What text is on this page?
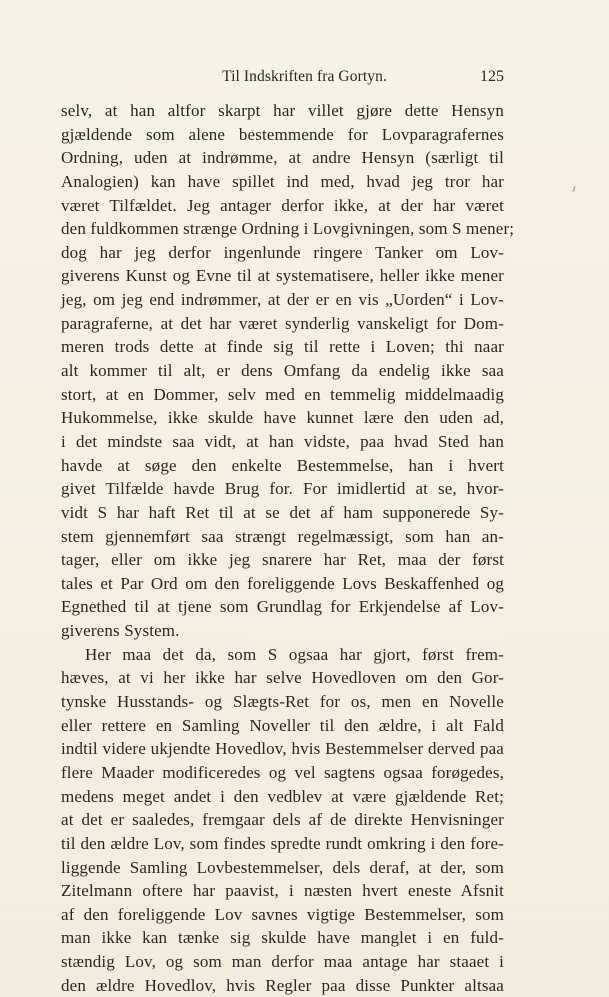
Til Indskriften fra Gortyn.	125
selv, at han altfor skarpt har villet gjøre dette Hensyn
gjældende som alene bestemmende for Lovparagrafernes
Ordning, uden at indrømme, at andre Hensyn (særligt til
Analogien) kan have spillet ind med, hvad jeg tror har
været Tilfældet. Jeg antager derfor ikke, at der har været
den fuldkommen strænge Ordning i Lovgivningen, som S mener;
dog har jeg derfor ingenlunde ringere Tanker om Lov-
giverens Kunst og Evne til at systematisere, heller ikke mener
jeg, om jeg end indrømmer, at der er en vis „Uorden“ i Lov-
paragraferne, at det har været synderlig vanskeligt for Dom-
meren trods dette at finde sig til rette i Loven; thi naar
alt kommer til alt, er dens Omfang da endelig ikke saa
stort, at en Dommer, selv med en temmelig middelmaadig
Hukommelse, ikke skulde have kunnet lære den uden ad,
i det mindste saa vidt, at han vidste, paa hvad Sted han
havde at søge den enkelte Bestemmelse, han i hvert
givet Tilfælde havde Brug for. For imidlertid at se, hvor-
vidt S har haft Ret til at se det af ham supponerede Sy-
stem gjennemført saa strængt regelmæssigt, som han an-
tager, eller om ikke jeg snarere har Ret, maa der først
tales et Par Ord om den foreliggende Lovs Beskaffenhed og
Egnethed til at tjene som Grundlag for Erkjendelse af Lov-
giverens System.
Her maa det da, som S ogsaa har gjort, først frem-
hæves, at vi her ikke har selve Hovedloven om den Gor-
tynske Husstands- og Slægts-Ret for os, men en Novelle
eller rettere en Samling Noveller til den ældre, i alt Fald
indtil videre ukjendte Hovedlov, hvis Bestemmelser derved paa
flere Maader modificeredes og vel sagtens ogsaa forøgedes,
medens meget andet i den vedblev at være gjældende Ret;
at det er saaledes, fremgaar dels af de direkte Henvisninger
til den ældre Lov, som findes spredte rundt omkring i den fore-
liggende Samling Lovbestemmelser, dels deraf, at der, som
Zitelmann oftere har paavist, i næsten hvert eneste Afsnit
af den foreliggende Lov savnes vigtige Bestemmelser, som
man ikke kan tænke sig skulde have manglet i en fuld-
stændig Lov, og som man derfor maa antage har staaet i
den ældre Hovedlov, hvis Regler paa disse Punkter altsaa
